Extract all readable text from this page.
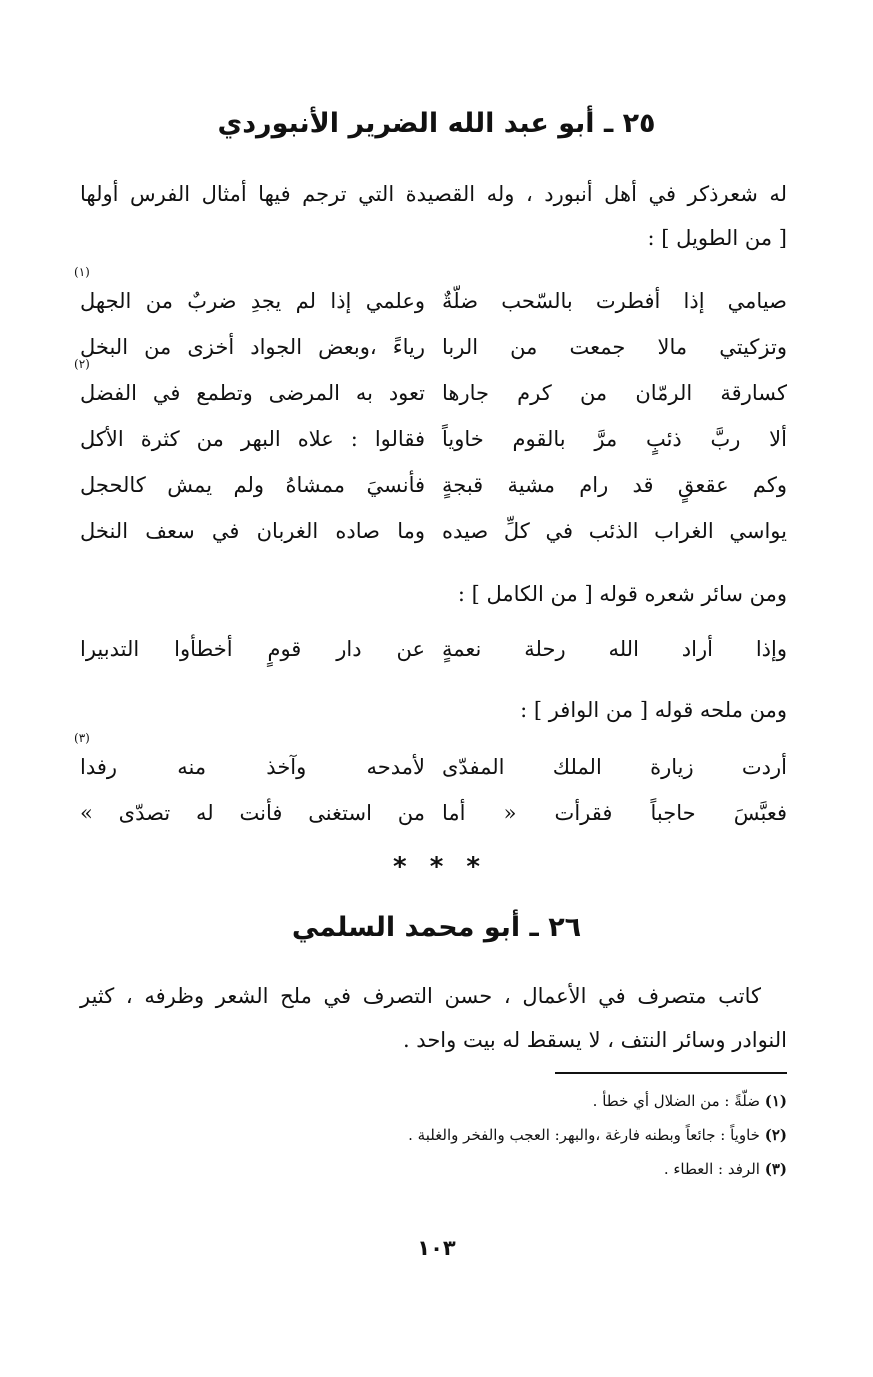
٢٥ ـ أبو عبد الله الضرير الأنبوردي
له شعرذكر في أهل أنبورد ، وله القصيدة التي ترجم فيها أمثال الفرس أولها
[ من الطويل ] :
صيامي إذا أفطرت بالسّحب ضلّةٌ
وعلمي إذا لم يجدِ ضربٌ من الجهل
(١)
وتزكيتي مالا جمعت من الربا
رياءً ،وبعض الجواد أخزى من البخل
كسارقة الرمّان من كرم جارها
تعود به المرضى وتطمع في الفضل
(٢)
ألا ربَّ ذئبٍ مرَّ بالقوم خاوياً
فقالوا : علاه البهر من كثرة الأكل
وكم عقعقٍ قد رام مشية قبجةٍ
فأنسيَ ممشاهُ ولم يمش كالحجل
يواسي الغراب الذئب في كلِّ صيده
وما صاده الغربان في سعف النخل

ومن سائر شعره قوله [ من الكامل ] :

وإذا أراد الله رحلة نعمةٍ
عن دار قومٍ أخطأوا التدبيرا

ومن ملحه قوله [ من الوافر ] :

أردت زيارة الملك المفدّى
لأمدحه وآخذ منه رفدا
(٣)
فعبَّسَ حاجباً فقرأت « أما
من استغنى فأنت له تصدّى »

* * *

٢٦ ـ أبو محمد السلمي

كاتب متصرف في الأعمال ، حسن التصرف في ملح الشعر وظرفه ، كثير النوادر وسائر النتف ، لا يسقط له بيت واحد .

(١) ضلّةً : من الضلال أي خطأ .
(٢) خاوياً : جائعاً وبطنه فارغة ،والبهر: العجب والفخر والغلبة .
(٣) الرفد : العطاء .

١٠٣
